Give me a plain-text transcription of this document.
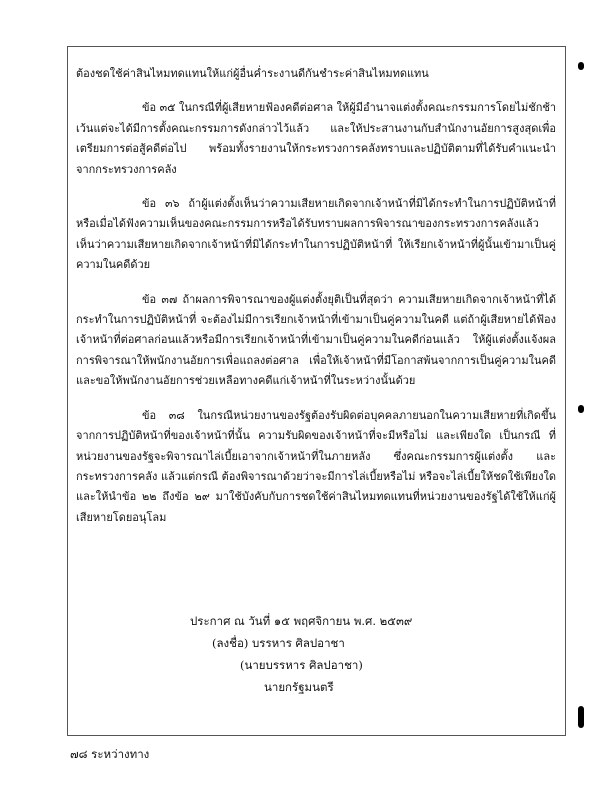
ต้องชดใช้ค่าสินไหมทดแทนให้แก่ผู้อื่นค่ำระงานดีกันชำระค่าสินไหมทดแทน

ข้อ ๓๕ ในกรณีที่ผู้เสียหายฟ้องคดีต่อศาล ให้ผู้มีอำนาจแต่งตั้งคณะกรรมการโดยไม่ชักช้า เว้นแต่จะได้มีการตั้งคณะกรรมการดังกล่าวไว้แล้ว และให้ประสานงานกับสำนักงานอัยการสูงสุดเพื่อเตรียมการต่อสู้คดีต่อไป พร้อมทั้งรายงานให้กระทรวงการคลังทราบและปฏิบัติตามที่ได้รับคำแนะนำจากกระทรวงการคลัง

ข้อ ๓๖ ถ้าผู้แต่งตั้งเห็นว่าความเสียหายเกิดจากเจ้าหน้าที่มิได้กระทำในการปฏิบัติหน้าที่ หรือเมื่อได้ฟังความเห็นของคณะกรรมการหรือได้รับทราบผลการพิจารณาของกระทรวงการคลังแล้วเห็นว่าความเสียหายเกิดจากเจ้าหน้าที่มิได้กระทำในการปฏิบัติหน้าที่ ให้เรียกเจ้าหน้าที่ผู้นั้นเข้ามาเป็นคู่ความในคดีด้วย

ข้อ ๓๗ ถ้าผลการพิจารณาของผู้แต่งตั้งยุติเป็นที่สุดว่า ความเสียหายเกิดจากเจ้าหน้าที่ได้กระทำในการปฏิบัติหน้าที่ จะต้องไม่มีการเรียกเจ้าหน้าที่เข้ามาเป็นคู่ความในคดี แต่ถ้าผู้เสียหายได้ฟ้องเจ้าหน้าที่ต่อศาลก่อนแล้วหรือมีการเรียกเจ้าหน้าที่เข้ามาเป็นคู่ความในคดีก่อนแล้ว ให้ผู้แต่งตั้งแจ้งผลการพิจารณาให้พนักงานอัยการเพื่อแถลงต่อศาล เพื่อให้เจ้าหน้าที่มีโอกาสพ้นจากการเป็นคู่ความในคดีและขอให้พนักงานอัยการช่วยเหลือทางคดีแก่เจ้าหน้าที่ในระหว่างนั้นด้วย

ข้อ ๓๘ ในกรณีหน่วยงานของรัฐต้องรับผิดต่อบุคคลภายนอกในความเสียหายที่เกิดขึ้นจากการปฏิบัติหน้าที่ของเจ้าหน้าที่นั้น ความรับผิดของเจ้าหน้าที่จะมีหรือไม่ และเพียงใด เป็นกรณี ที่หน่วยงานของรัฐจะพิจารณาไล่เบี้ยเอาจากเจ้าหน้าที่ในภายหลัง ซึ่งคณะกรรมการผู้แต่งตั้ง และกระทรวงการคลัง แล้วแต่กรณี ต้องพิจารณาด้วยว่าจะมีการไล่เบี้ยหรือไม่ หรือจะไล่เบี้ยให้ชดใช้เพียงใด และให้นำข้อ ๒๒ ถึงข้อ ๒๙ มาใช้บังคับกับการชดใช้ค่าสินไหมทดแทนที่หน่วยงานของรัฐได้ใช้ให้แก่ผู้เสียหายโดยอนุโลม

ประกาศ ณ วันที่ ๑๕ พฤศจิกายน พ.ศ. ๒๕๓๙
(ลงชื่อ) บรรหาร ศิลปอาชา
(นายบรรหาร ศิลปอาชา)
นายกรัฐมนตรี
๗๘ ระหว่างทาง
